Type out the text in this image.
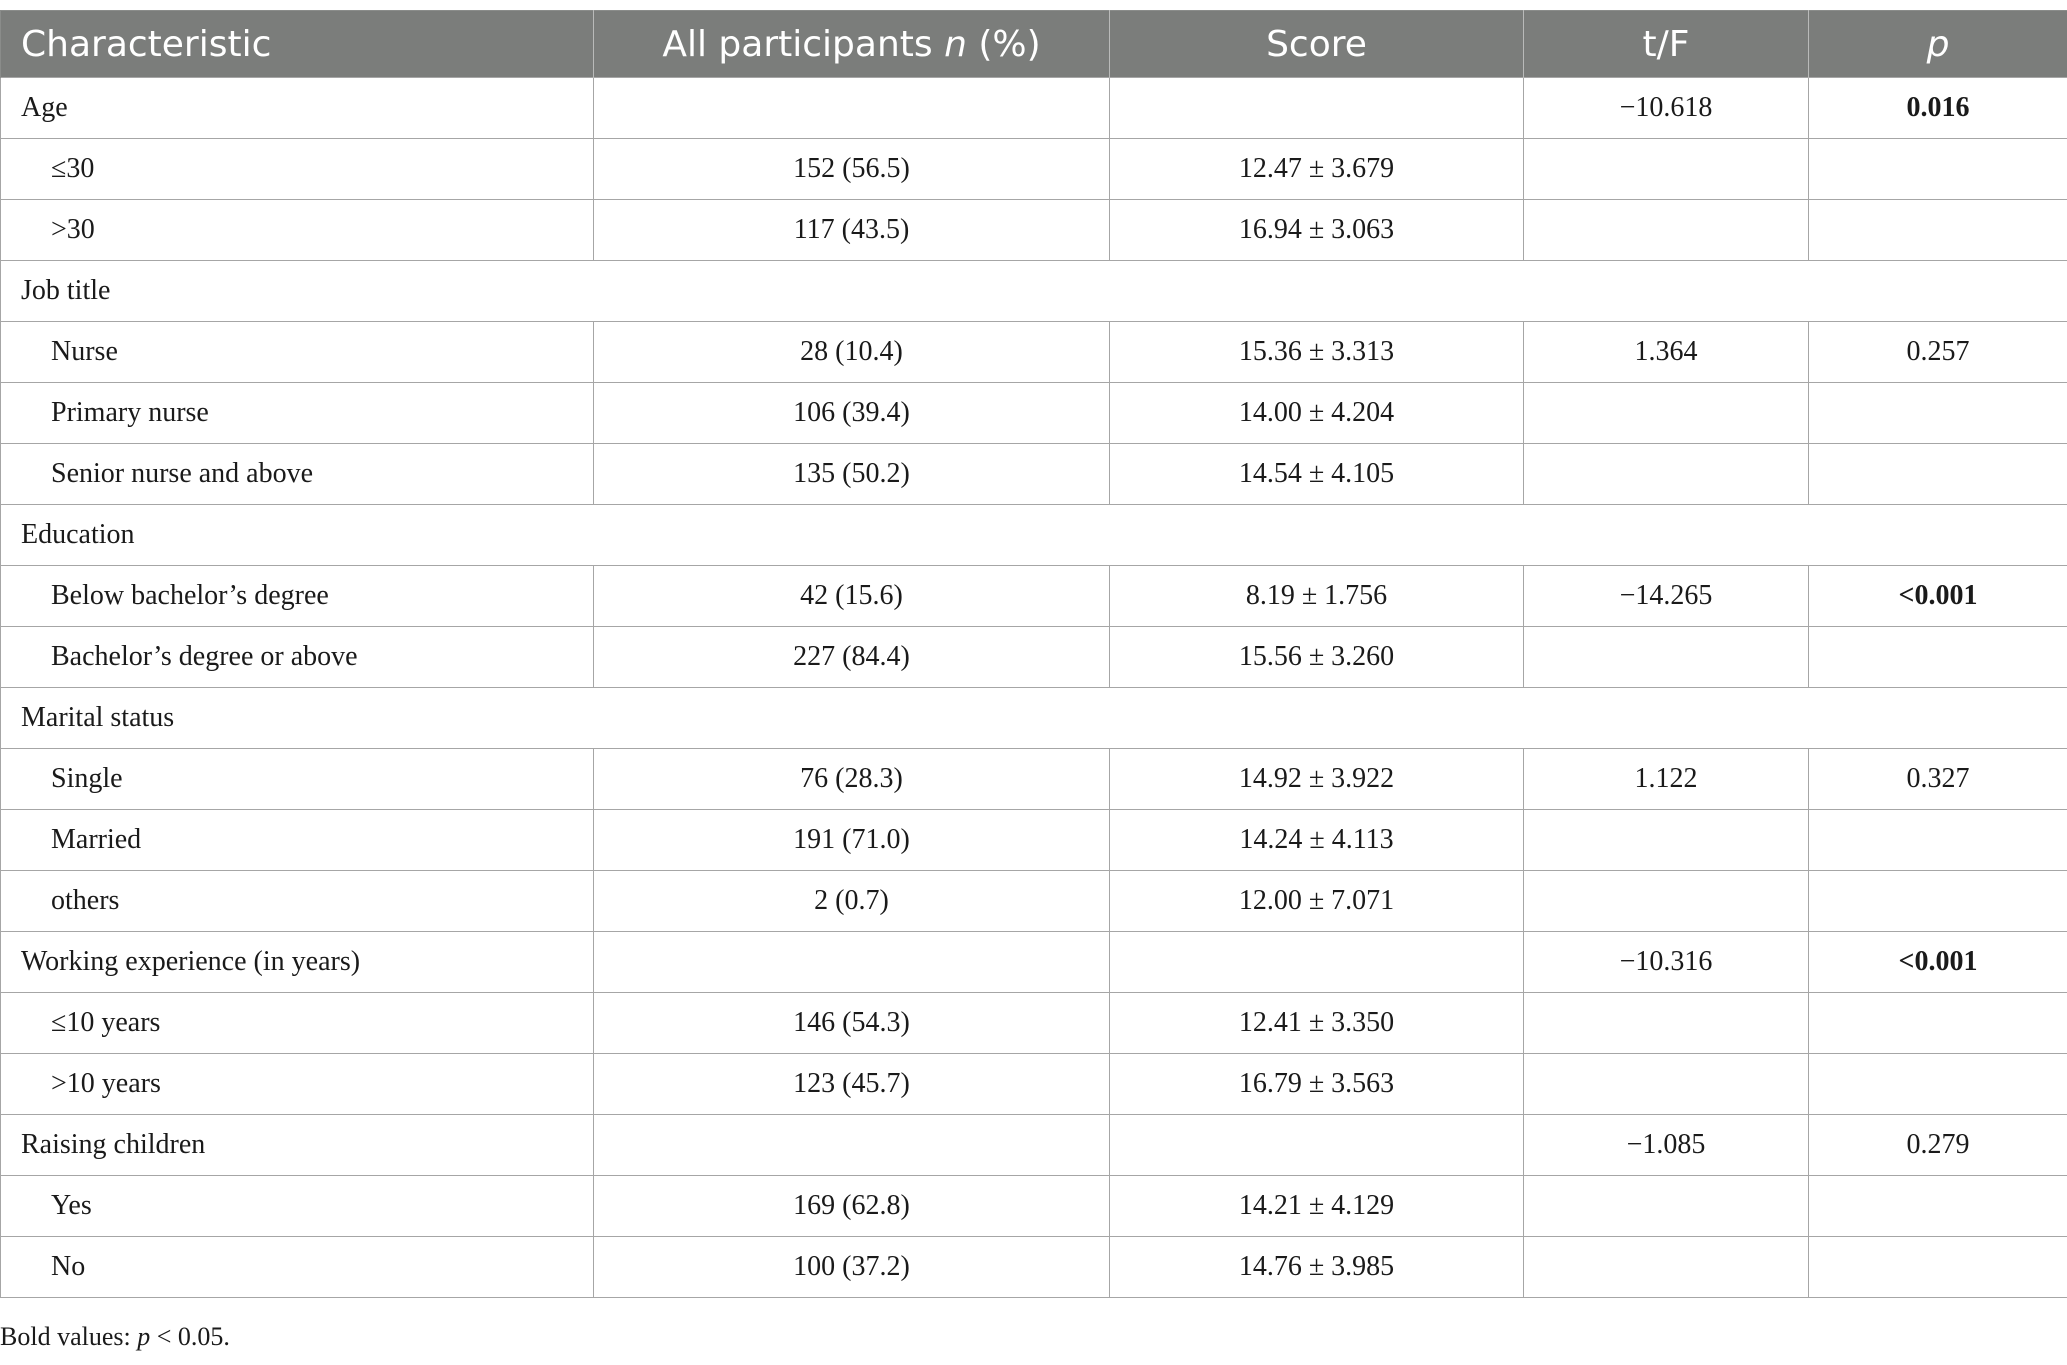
Characteristic	All participants n (%)	Score	t/F	p
Age			−10.618	0.016
≤30	152 (56.5)	12.47 ± 3.679		
>30	117 (43.5)	16.94 ± 3.063		
Job title				
Nurse	28 (10.4)	15.36 ± 3.313	1.364	0.257
Primary nurse	106 (39.4)	14.00 ± 4.204		
Senior nurse and above	135 (50.2)	14.54 ± 4.105		
Education				
Below bachelor’s degree	42 (15.6)	8.19 ± 1.756	−14.265	<0.001
Bachelor’s degree or above	227 (84.4)	15.56 ± 3.260		
Marital status				
Single	76 (28.3)	14.92 ± 3.922	1.122	0.327
Married	191 (71.0)	14.24 ± 4.113		
others	2 (0.7)	12.00 ± 7.071		
Working experience (in years)			−10.316	<0.001
≤10 years	146 (54.3)	12.41 ± 3.350		
>10 years	123 (45.7)	16.79 ± 3.563		
Raising children			−1.085	0.279
Yes	169 (62.8)	14.21 ± 4.129		
No	100 (37.2)	14.76 ± 3.985		
Bold values: p < 0.05.
